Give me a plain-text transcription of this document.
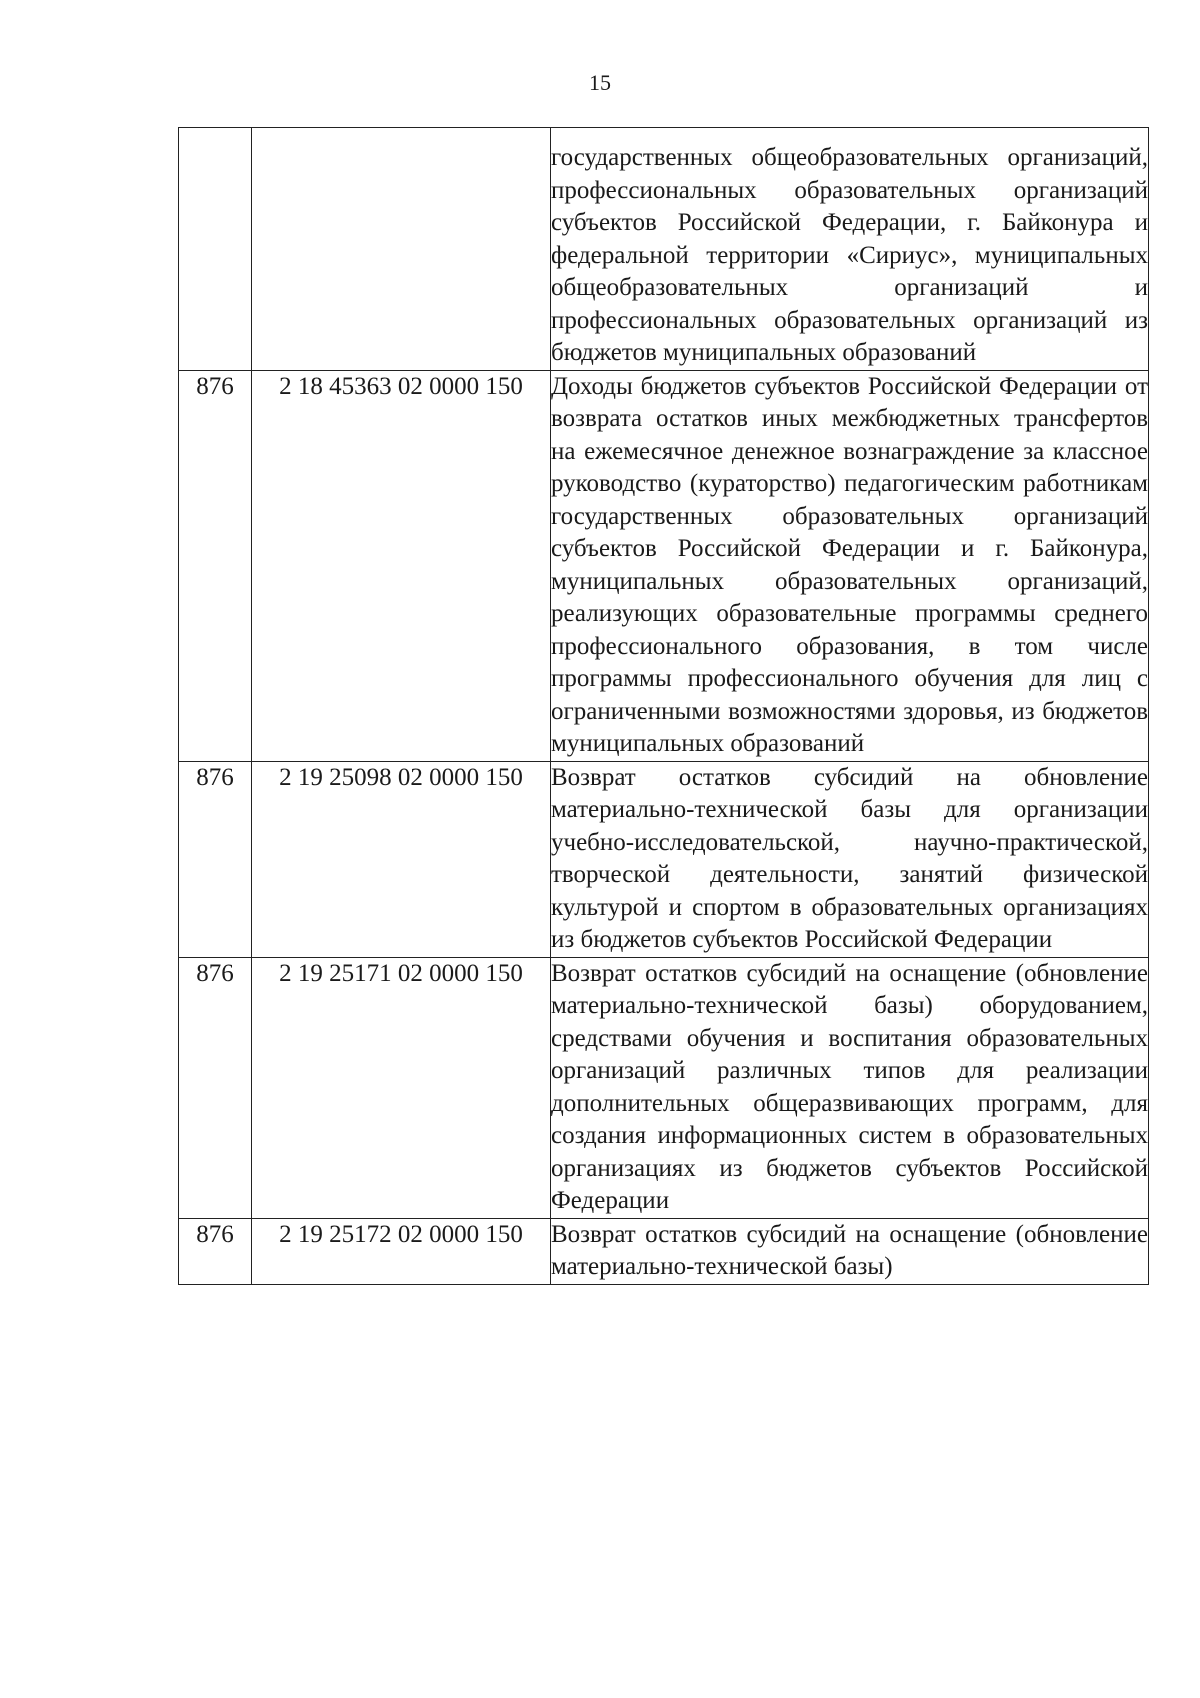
15

		государственных общеобразовательных организаций, профессиональных образовательных организаций субъектов Российской Федерации, г. Байконура и федеральной территории «Сириус», муниципальных общеобразовательных организаций и профессиональных образовательных организаций из бюджетов муниципальных образований

876	2 18 45363 02 0000 150	Доходы бюджетов субъектов Российской Федерации от возврата остатков иных межбюджетных трансфертов на ежемесячное денежное вознаграждение за классное руководство (кураторство) педагогическим работникам государственных образовательных организаций субъектов Российской Федерации и г. Байконура, муниципальных образовательных организаций, реализующих образовательные программы среднего профессионального образования, в том числе программы профессионального обучения для лиц с ограниченными возможностями здоровья, из бюджетов муниципальных образований

876	2 19 25098 02 0000 150	Возврат остатков субсидий на обновление материально-технической базы для организации учебно-исследовательской, научно-практической, творческой деятельности, занятий физической культурой и спортом в образовательных организациях из бюджетов субъектов Российской Федерации

876	2 19 25171 02 0000 150	Возврат остатков субсидий на оснащение (обновление материально-технической базы) оборудованием, средствами обучения и воспитания образовательных организаций различных типов для реализации дополнительных общеразвивающих программ, для создания информационных систем в образовательных организациях из бюджетов субъектов Российской Федерации

876	2 19 25172 02 0000 150	Возврат остатков субсидий на оснащение (обновление материально-технической базы)
